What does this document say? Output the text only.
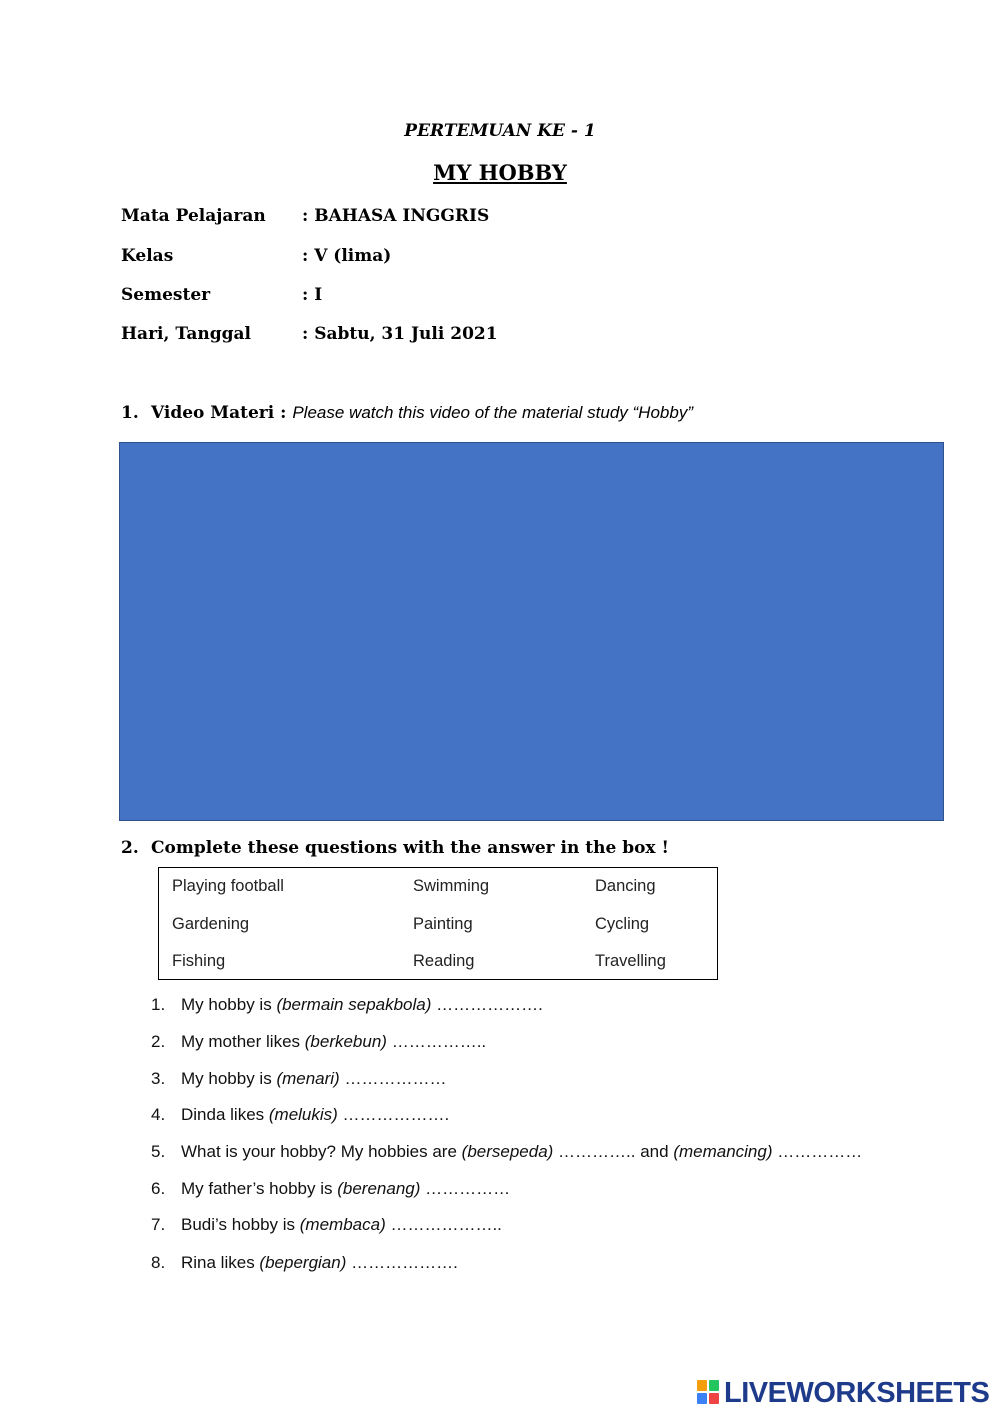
PERTEMUAN KE - 1
MY HOBBY
Mata Pelajaran : BAHASA INGGRIS
Kelas	: V (lima)
Semester	: I
Hari, Tanggal	: Sabtu, 31 Juli 2021
1. Video Materi : Please watch this video of the material study “Hobby”
2. Complete these questions with the answer in the box !
Playing football	Swimming	Dancing
Gardening	Painting	Cycling
Fishing	Reading	Travelling
1. My hobby is (bermain sepakbola) ……………….
2. My mother likes (berkebun) ……………..
3. My hobby is (menari) ………………
4. Dinda likes (melukis) ……………….
5. What is your hobby? My hobbies are (bersepeda) ………….. and (memancing) ……………
6. My father’s hobby is (berenang) ……………
7. Budi’s hobby is (membaca) ………………..
8. Rina likes (bepergian) ……………….
LIVEWORKSHEETS
